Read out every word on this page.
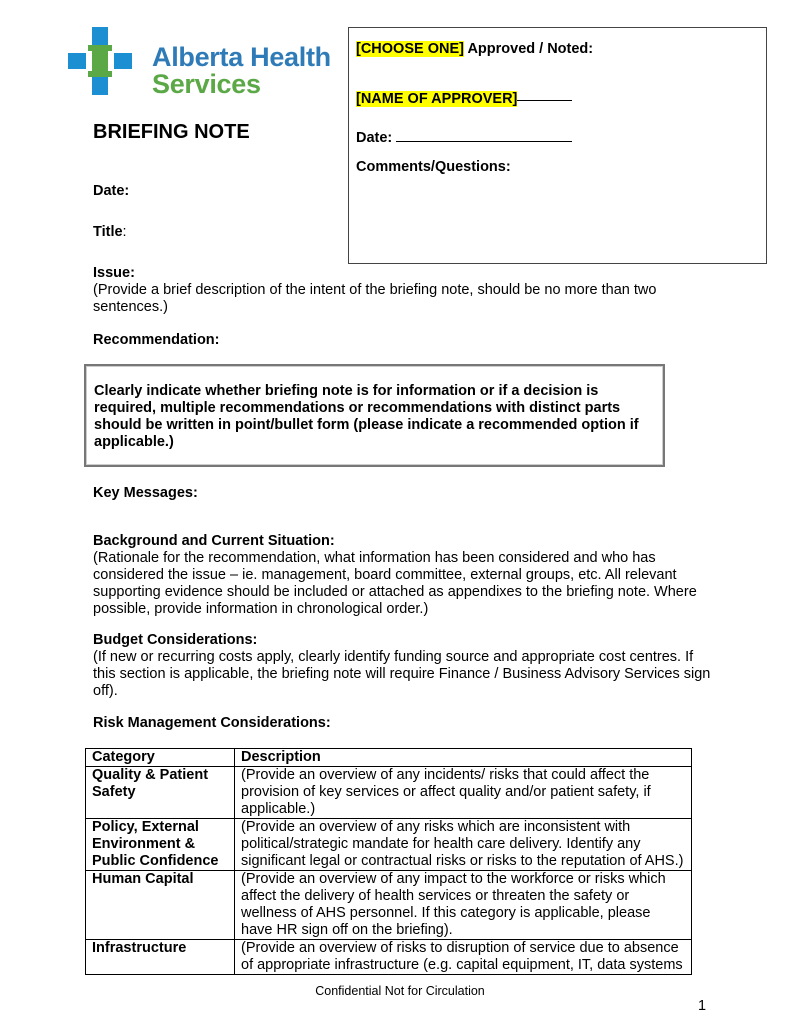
Alberta Health
Services
BRIEFING NOTE
[CHOOSE ONE] Approved / Noted:
[NAME OF APPROVER]
Date:
Comments/Questions:
Date:
Title:
Issue:
(Provide a brief description of the intent of the briefing note, should be no more than two sentences.)
Recommendation:
Clearly indicate whether briefing note is for information or if a decision is required, multiple recommendations or recommendations with distinct parts should be written in point/bullet form (please indicate a recommended option if applicable.)
Key Messages:
Background and Current Situation:
(Rationale for the recommendation, what information has been considered and who has considered the issue – ie. management, board committee, external groups, etc. All relevant supporting evidence should be included or attached as appendixes to the briefing note. Where possible, provide information in chronological order.)
Budget Considerations:
(If new or recurring costs apply, clearly identify funding source and appropriate cost centres. If this section is applicable, the briefing note will require Finance / Business Advisory Services sign off).
Risk Management Considerations:
Category	Description
Quality & Patient Safety	(Provide an overview of any incidents/ risks that could affect the provision of key services or affect quality and/or patient safety, if applicable.)
Policy, External Environment & Public Confidence	(Provide an overview of any risks which are inconsistent with political/strategic mandate for health care delivery. Identify any significant legal or contractual risks or risks to the reputation of AHS.)
Human Capital	(Provide an overview of any impact to the workforce or risks which affect the delivery of health services or threaten the safety or wellness of AHS personnel. If this category is applicable, please have HR sign off on the briefing).
Infrastructure	(Provide an overview of risks to disruption of service due to absence of appropriate infrastructure (e.g. capital equipment, IT, data systems
Confidential Not for Circulation
1
